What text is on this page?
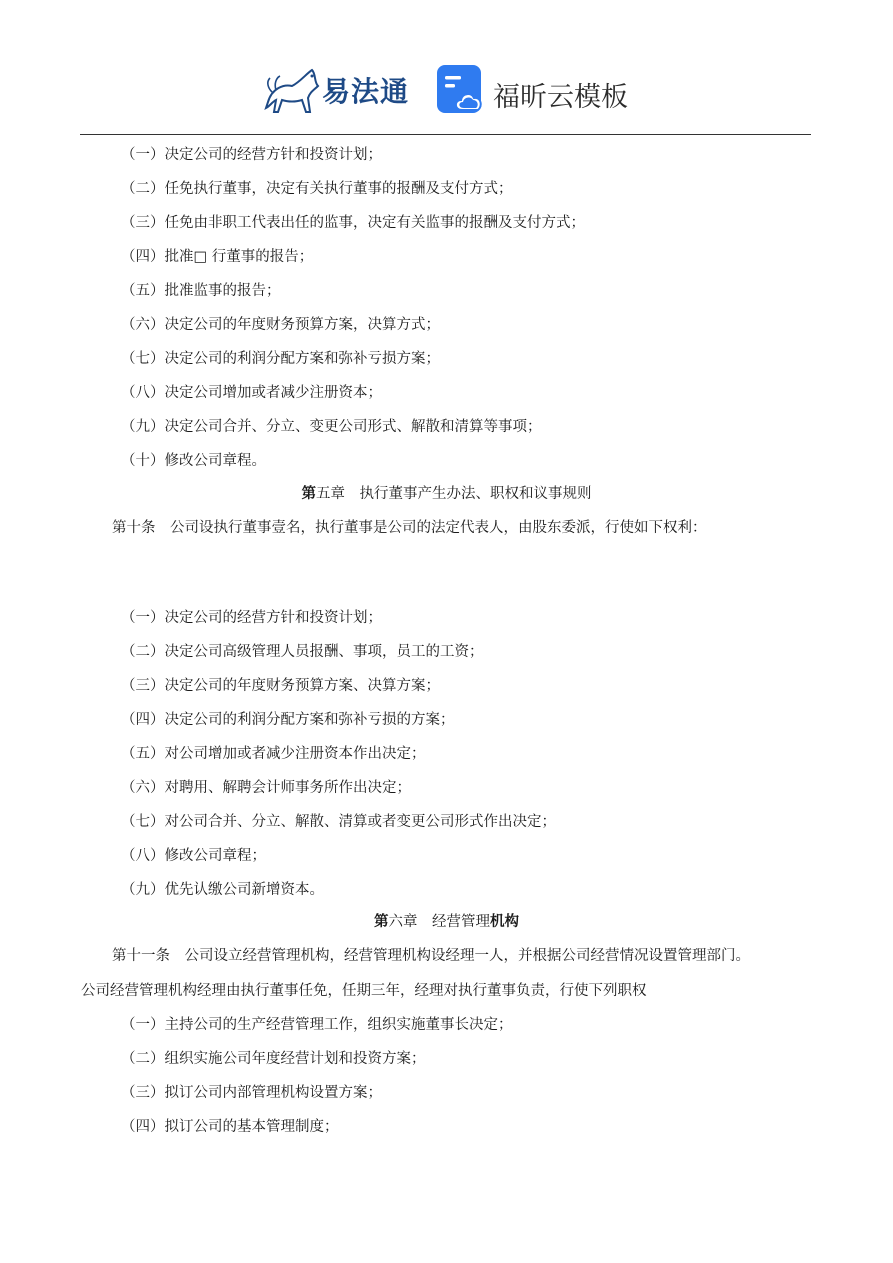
易法通	福昕云模板
（一）决定公司的经营方针和投资计划；
（二）任免执行董事，决定有关执行董事的报酬及支付方式；
（三）任免由非职工代表出任的监事，决定有关监事的报酬及支付方式；
（四）批准□ 行董事的报告；
（五）批准监事的报告；
（六）决定公司的年度财务预算方案，决算方式；
（七）决定公司的利润分配方案和弥补亏损方案；
（八）决定公司增加或者减少注册资本；
（九）决定公司合并、分立、变更公司形式、解散和清算等事项；
（十）修改公司章程。
第五章　执行董事产生办法、职权和议事规则
第十条　公司设执行董事壹名，执行董事是公司的法定代表人，由股东委派，行使如下权利：
（一）决定公司的经营方针和投资计划；
（二）决定公司高级管理人员报酬、事项，员工的工资；
（三）决定公司的年度财务预算方案、决算方案；
（四）决定公司的利润分配方案和弥补亏损的方案；
（五）对公司增加或者减少注册资本作出决定；
（六）对聘用、解聘会计师事务所作出决定；
（七）对公司合并、分立、解散、清算或者变更公司形式作出决定；
（八）修改公司章程；
（九）优先认缴公司新增资本。
第六章　经营管理机构
第十一条　公司设立经营管理机构，经营管理机构设经理一人，并根据公司经营情况设置管理部门。
公司经营管理机构经理由执行董事任免，任期三年，经理对执行董事负责，行使下列职权
（一）主持公司的生产经营管理工作，组织实施董事长决定；
（二）组织实施公司年度经营计划和投资方案；
（三）拟订公司内部管理机构设置方案；
（四）拟订公司的基本管理制度；
